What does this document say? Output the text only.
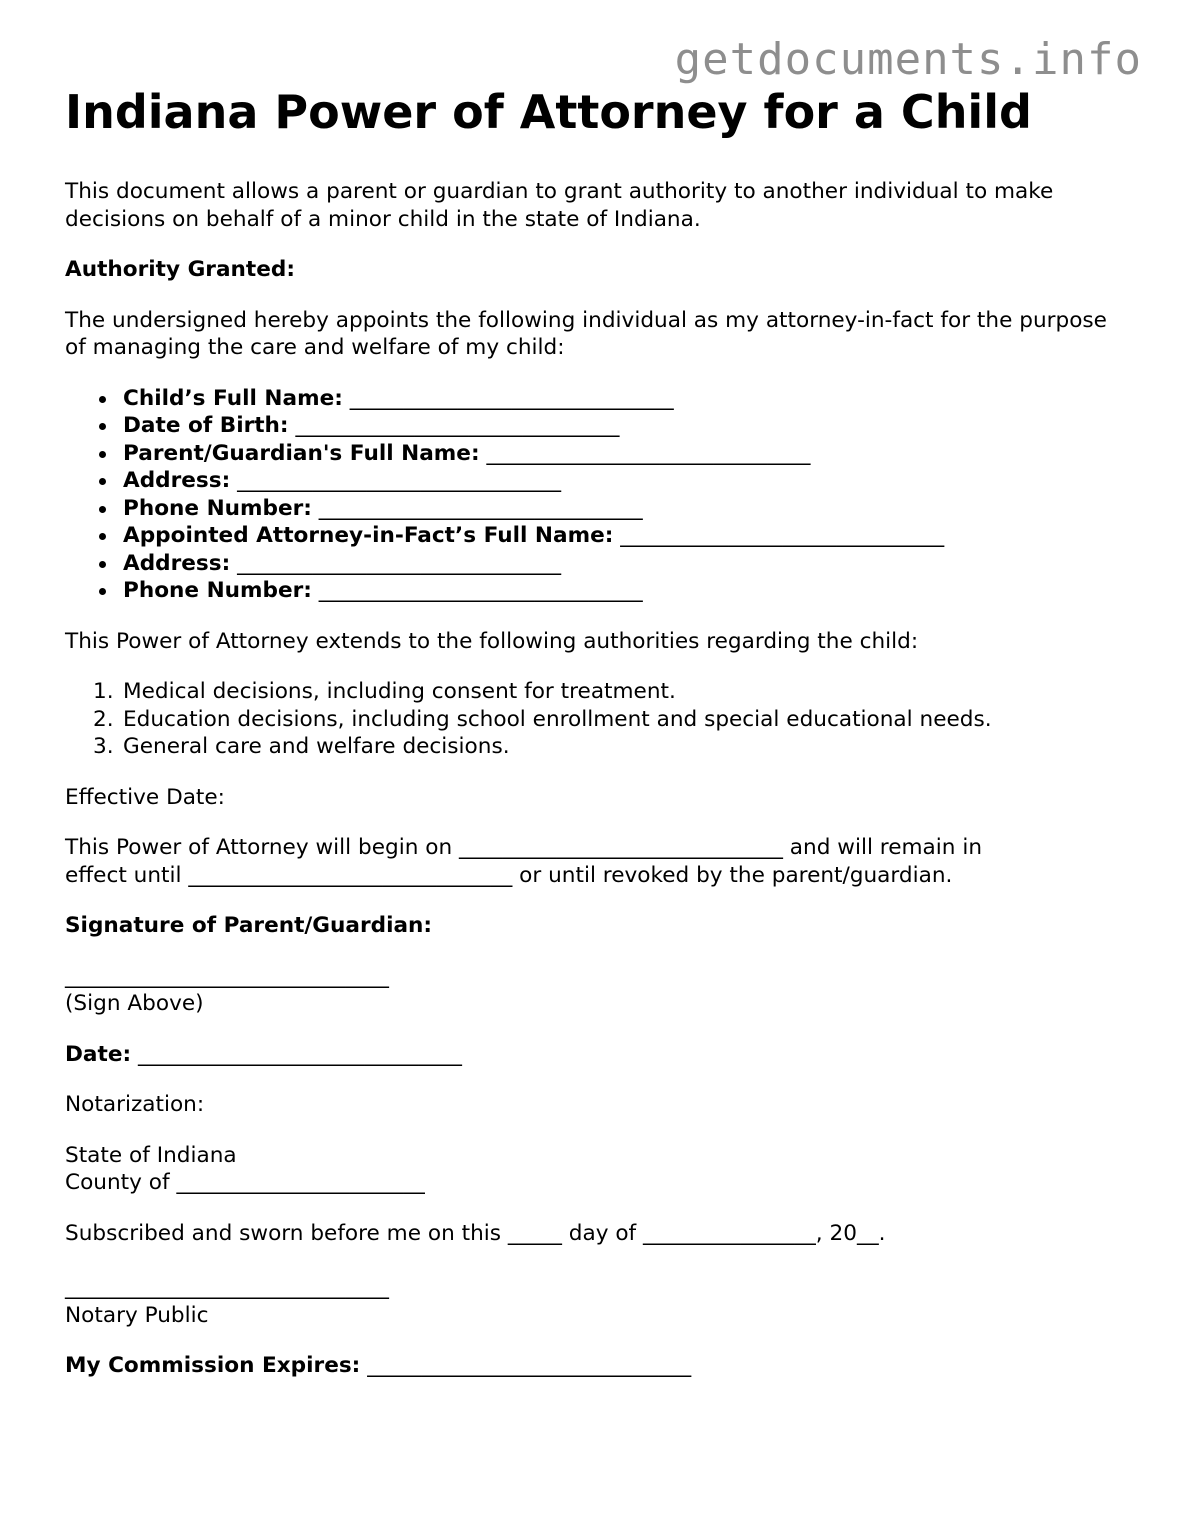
getdocuments.info
Indiana Power of Attorney for a Child

This document allows a parent or guardian to grant authority to another individual to make decisions on behalf of a minor child in the state of Indiana.

Authority Granted:

The undersigned hereby appoints the following individual as my attorney-in-fact for the purpose of managing the care and welfare of my child:

Child’s Full Name: ______________________________
Date of Birth: ______________________________
Parent/Guardian's Full Name: ______________________________
Address: ______________________________
Phone Number: ______________________________
Appointed Attorney-in-Fact’s Full Name: ______________________________
Address: ______________________________
Phone Number: ______________________________

This Power of Attorney extends to the following authorities regarding the child:

1. Medical decisions, including consent for treatment.
2. Education decisions, including school enrollment and special educational needs.
3. General care and welfare decisions.

Effective Date:

This Power of Attorney will begin on ______________________________ and will remain in
effect until ______________________________ or until revoked by the parent/guardian.

Signature of Parent/Guardian:

______________________________
(Sign Above)

Date: ______________________________

Notarization:

State of Indiana
County of _______________________

Subscribed and sworn before me on this _____ day of ________________, 20__.

______________________________
Notary Public

My Commission Expires: ______________________________
